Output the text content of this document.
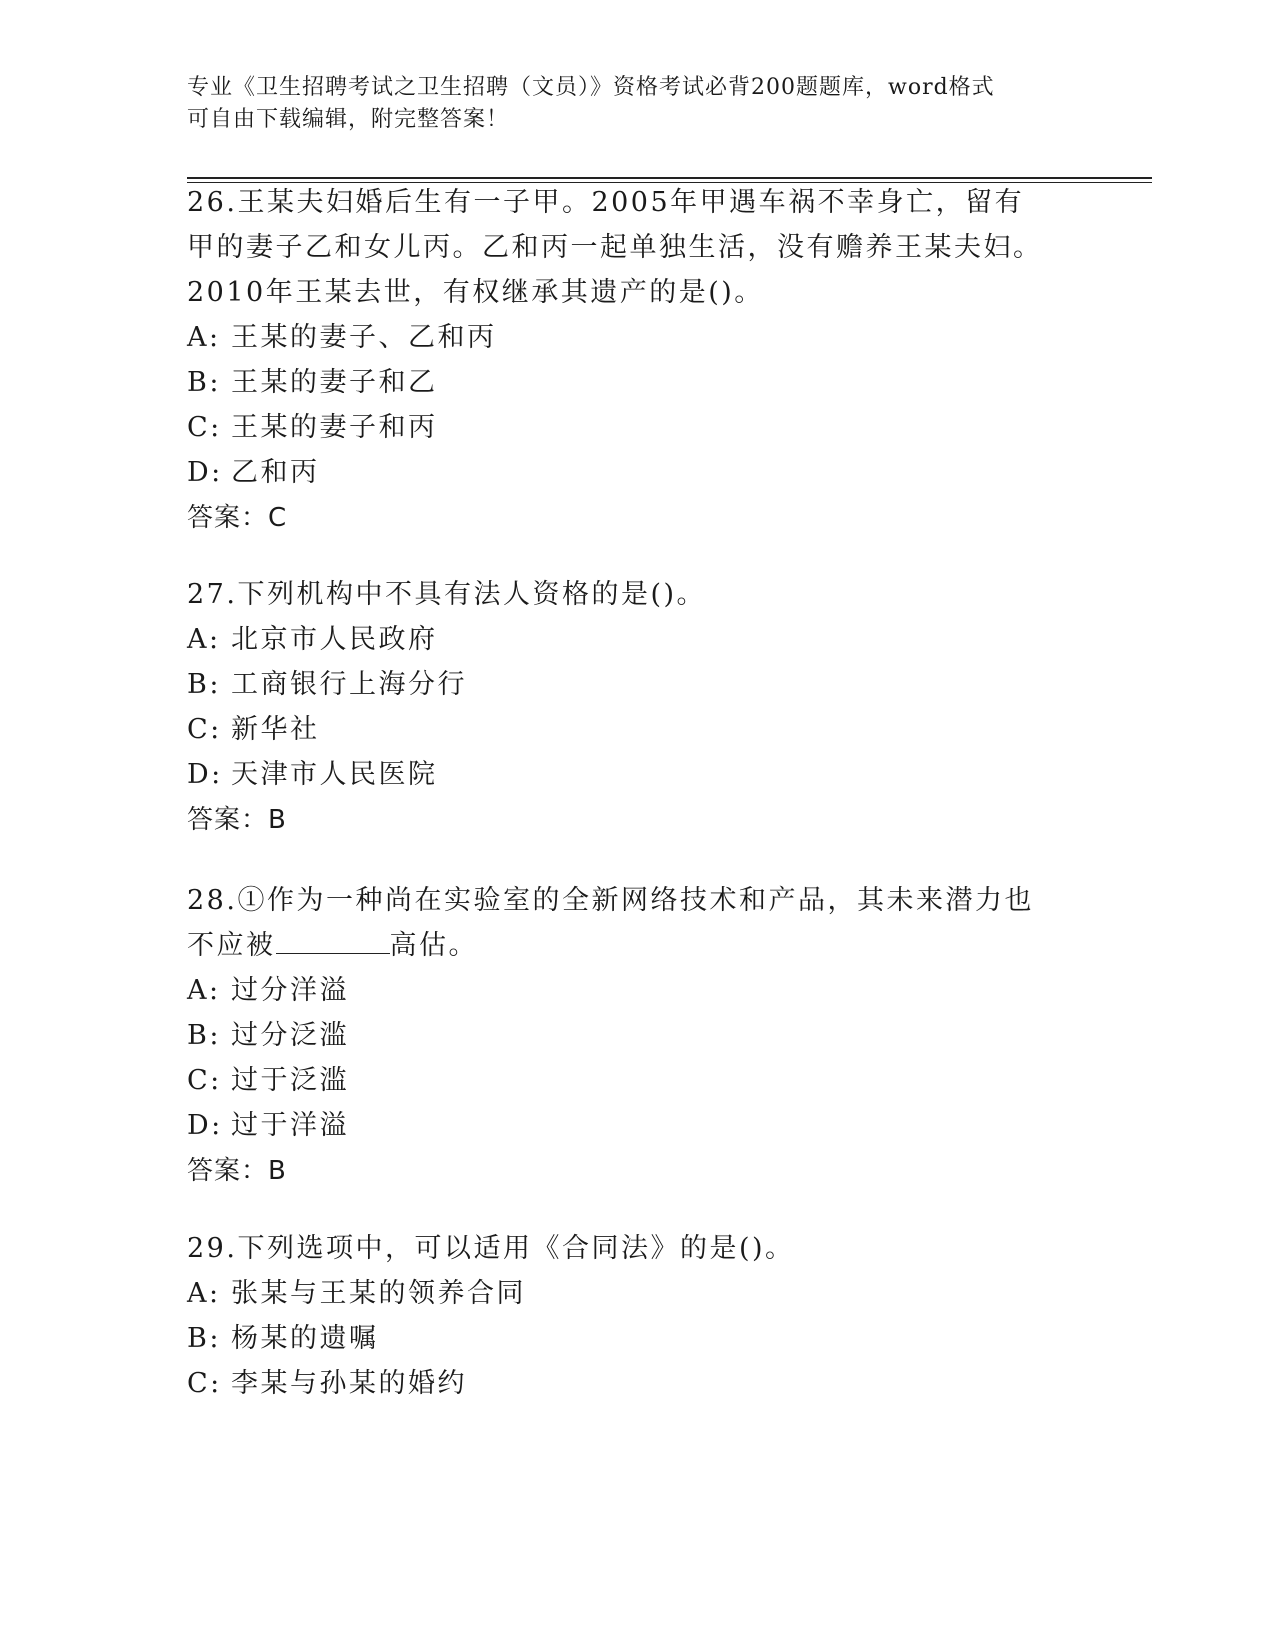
专业《卫生招聘考试之卫生招聘（文员）》资格考试必背200题题库，word格式
可自由下载编辑，附完整答案！

26.王某夫妇婚后生有一子甲。2005年甲遇车祸不幸身亡，留有甲的妻子乙和女儿丙。乙和丙一起单独生活，没有赡养王某夫妇。2010年王某去世，有权继承其遗产的是()。

A: 王某的妻子、乙和丙

B: 王某的妻子和乙

C: 王某的妻子和丙

D: 乙和丙

答案：C

27.下列机构中不具有法人资格的是()。

A: 北京市人民政府

B: 工商银行上海分行

C: 新华社

D: 天津市人民医院

答案：B

28.①作为一种尚在实验室的全新网络技术和产品，其未来潜力也不应被	高估。

A: 过分洋溢

B: 过分泛滥

C: 过于泛滥

D: 过于洋溢

答案：B

29.下列选项中，可以适用《合同法》的是()。

A: 张某与王某的领养合同

B: 杨某的遗嘱

C: 李某与孙某的婚约
